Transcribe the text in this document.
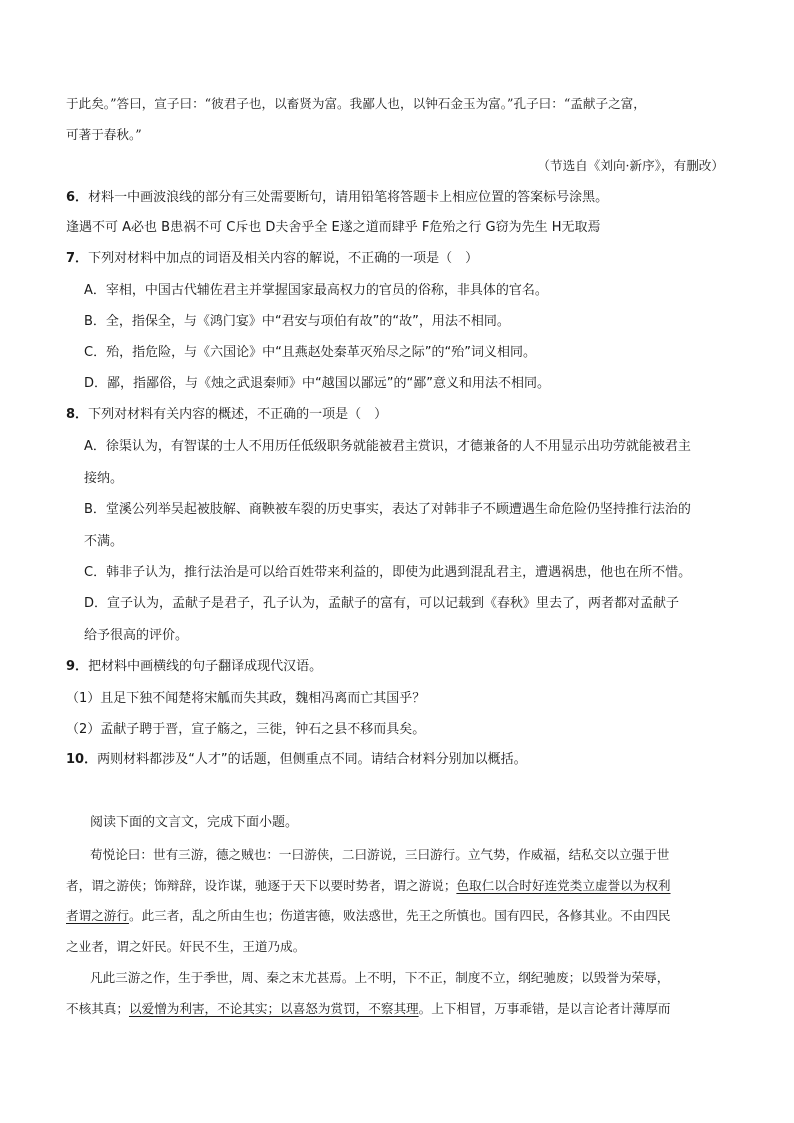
于此矣。”答曰，宣子曰：“彼君子也，以畜贤为富。我鄙人也，以钟石金玉为富。”孔子曰：“孟献子之富，
可著于春秋。”
（节选自《刘向·新序》，有删改）
6．材料一中画波浪线的部分有三处需要断句，请用铅笔将答题卡上相应位置的答案标号涂黑。
逢遇不可 A必也 B患祸不可 C斥也 D夫舍乎全 E遂之道而肆乎 F危殆之行 G窃为先生 H无取焉
7．下列对材料中加点的词语及相关内容的解说，不正确的一项是（　）
A．宰相，中国古代辅佐君主并掌握国家最高权力的官员的俗称，非具体的官名。
B．全，指保全，与《鸿门宴》中“君安与项伯有故”的“故”，用法不相同。
C．殆，指危险，与《六国论》中“且燕赵处秦革灭殆尽之际”的“殆”词义相同。
D．鄙，指鄙俗，与《烛之武退秦师》中“越国以鄙远”的“鄙”意义和用法不相同。
8．下列对材料有关内容的概述，不正确的一项是（　）
A．徐渠认为，有智谋的士人不用历任低级职务就能被君主赏识，才德兼备的人不用显示出功劳就能被君主
接纳。
B．堂溪公列举吴起被肢解、商鞅被车裂的历史事实，表达了对韩非子不顾遭遇生命危险仍坚持推行法治的
不满。
C．韩非子认为，推行法治是可以给百姓带来利益的，即使为此遇到混乱君主，遭遇祸患，他也在所不惜。
D．宣子认为，孟献子是君子，孔子认为，孟献子的富有，可以记载到《春秋》里去了，两者都对孟献子
给予很高的评价。
9．把材料中画横线的句子翻译成现代汉语。
（1）且足下独不闻楚将宋觚而失其政，魏相冯离而亡其国乎？
（2）孟献子聘于晋，宣子觞之，三徙，钟石之县不移而具矣。
10．两则材料都涉及“人才”的话题，但侧重点不同。请结合材料分别加以概括。
阅读下面的文言文，完成下面小题。
荀悦论曰：世有三游，德之贼也：一曰游侠，二曰游说，三曰游行。立气势，作威福，结私交以立强于世
者，谓之游侠；饰辩辞，设诈谋，驰逐于天下以要时势者，谓之游说；色取仁以合时好连党类立虚誉以为权利
者谓之游行。此三者，乱之所由生也；伤道害德，败法惑世，先王之所慎也。国有四民，各修其业。不由四民
之业者，谓之奸民。奸民不生，王道乃成。
凡此三游之作，生于季世，周、秦之末尤甚焉。上不明，下不正，制度不立，纲纪驰废；以毁誉为荣辱，
不核其真；以爱憎为利害，不论其实；以喜怒为赏罚，不察其理。上下相冒，万事乖错，是以言论者计薄厚而
